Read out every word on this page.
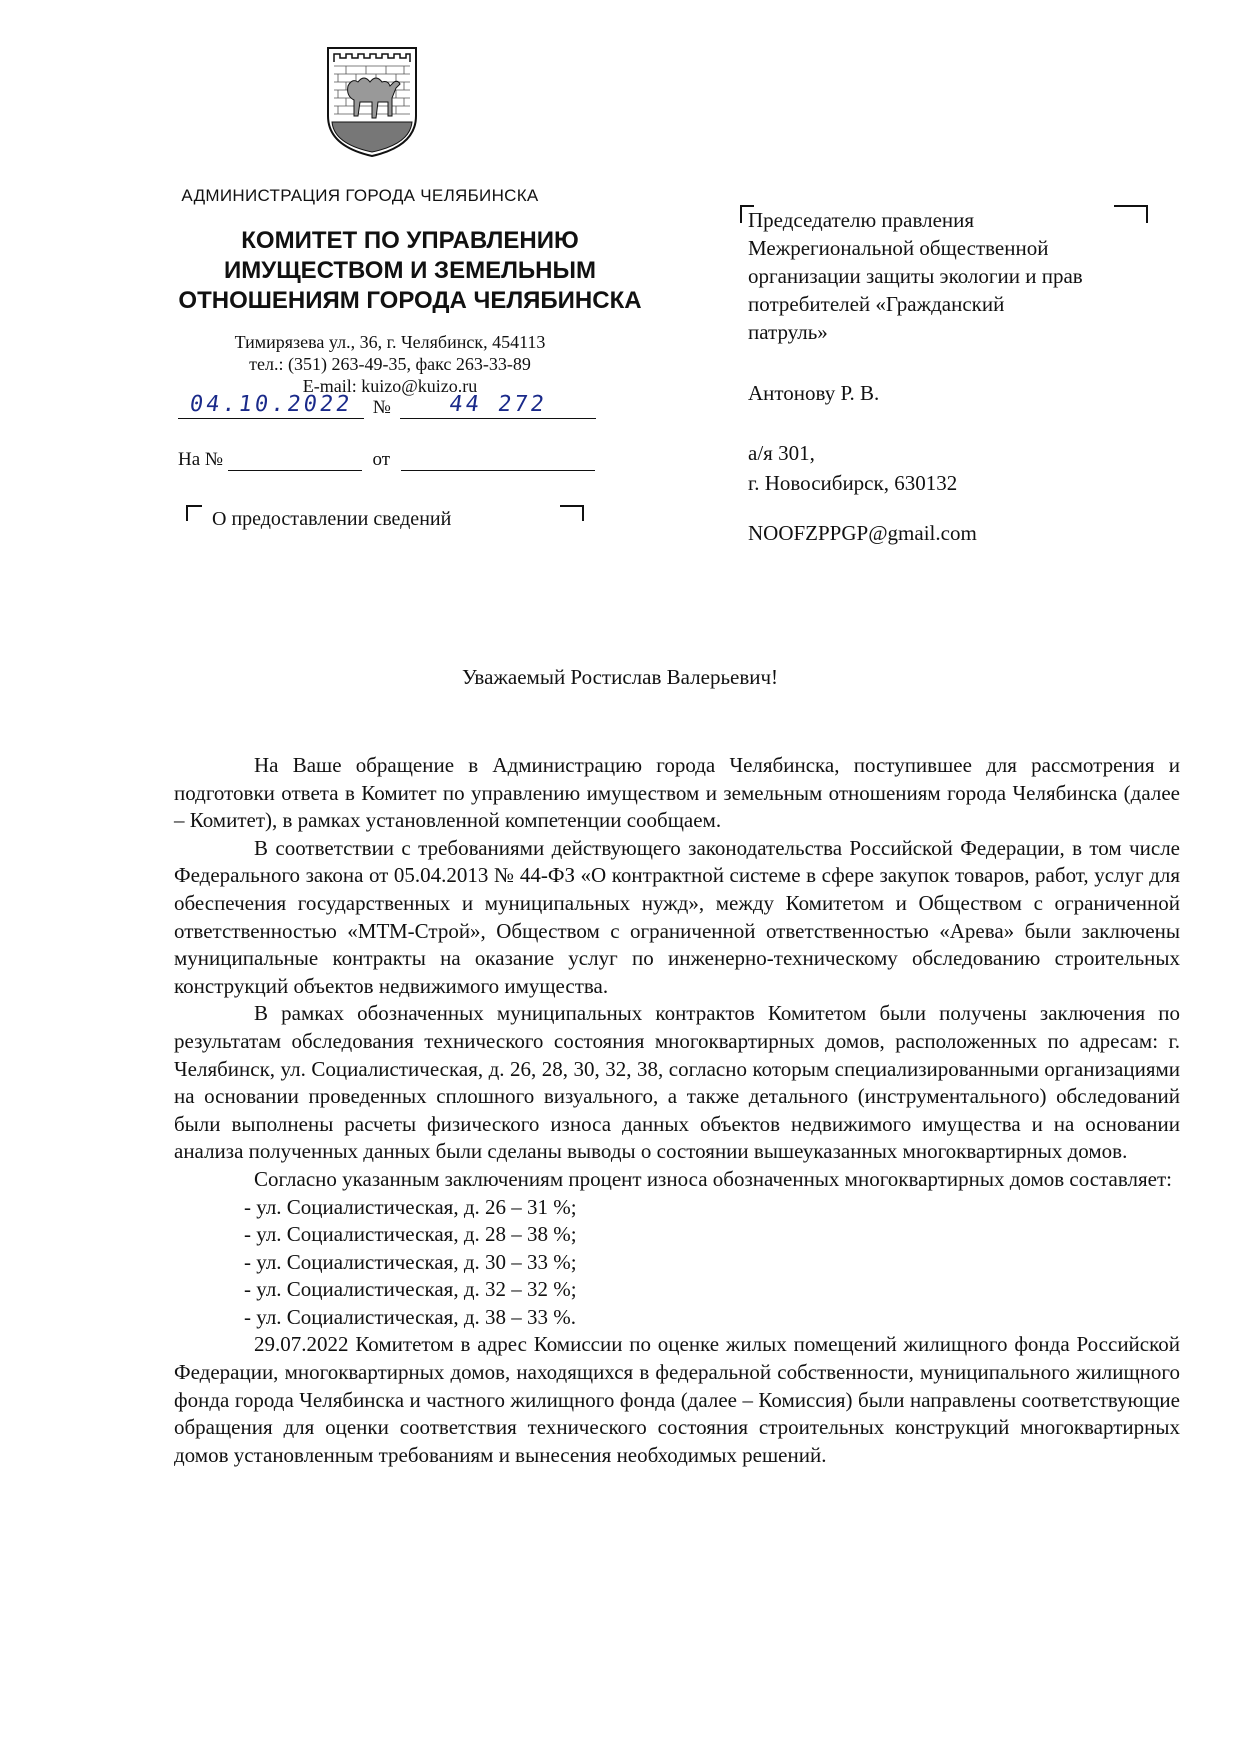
АДМИНИСТРАЦИЯ ГОРОДА ЧЕЛЯБИНСКА
КОМИТЕТ ПО УПРАВЛЕНИЮ
ИМУЩЕСТВОМ И ЗЕМЕЛЬНЫМ
ОТНОШЕНИЯМ ГОРОДА ЧЕЛЯБИНСКА
Тимирязева ул., 36, г. Челябинск, 454113
тел.: (351) 263-49-35, факс 263-33-89
E-mail: kuizo@kuizo.ru
04.10.2022 №	44 272
На №	от
О предоставлении сведений
Председателю правления
Межрегиональной общественной
организации защиты экологии и прав
потребителей «Гражданский
патруль»
Антонову Р. В.
а/я 301,
г. Новосибирск, 630132
NOOFZPPGP@gmail.com
Уважаемый Ростислав Валерьевич!

На Ваше обращение в Администрацию города Челябинска, поступившее для рассмотрения и подготовки ответа в Комитет по управлению имуществом и земельным отношениям города Челябинска (далее – Комитет), в рамках установленной компетенции сообщаем.

В соответствии с требованиями действующего законодательства Российской Федерации, в том числе Федерального закона от 05.04.2013 № 44-ФЗ «О контрактной системе в сфере закупок товаров, работ, услуг для обеспечения государственных и муниципальных нужд», между Комитетом и Обществом с ограниченной ответственностью «МТМ-Строй», Обществом с ограниченной ответственностью «Арева» были заключены муниципальные контракты на оказание услуг по инженерно-техническому обследованию строительных конструкций объектов недвижимого имущества.

В рамках обозначенных муниципальных контрактов Комитетом были получены заключения по результатам обследования технического состояния многоквартирных домов, расположенных по адресам: г. Челябинск, ул. Социалистическая, д. 26, 28, 30, 32, 38, согласно которым специализированными организациями на основании проведенных сплошного визуального, а также детального (инструментального) обследований были выполнены расчеты физического износа данных объектов недвижимого имущества и на основании анализа полученных данных были сделаны выводы о состоянии вышеуказанных многоквартирных домов.

Согласно указанным заключениям процент износа обозначенных многоквартирных домов составляет:

- ул. Социалистическая, д. 26 – 31 %;
- ул. Социалистическая, д. 28 – 38 %;
- ул. Социалистическая, д. 30 – 33 %;
- ул. Социалистическая, д. 32 – 32 %;
- ул. Социалистическая, д. 38 – 33 %.

29.07.2022 Комитетом в адрес Комиссии по оценке жилых помещений жилищного фонда Российской Федерации, многоквартирных домов, находящихся в федеральной собственности, муниципального жилищного фонда города Челябинска и частного жилищного фонда (далее – Комиссия) были направлены соответствующие обращения для оценки соответствия технического состояния строительных конструкций многоквартирных домов установленным требованиям и вынесения необходимых решений.
